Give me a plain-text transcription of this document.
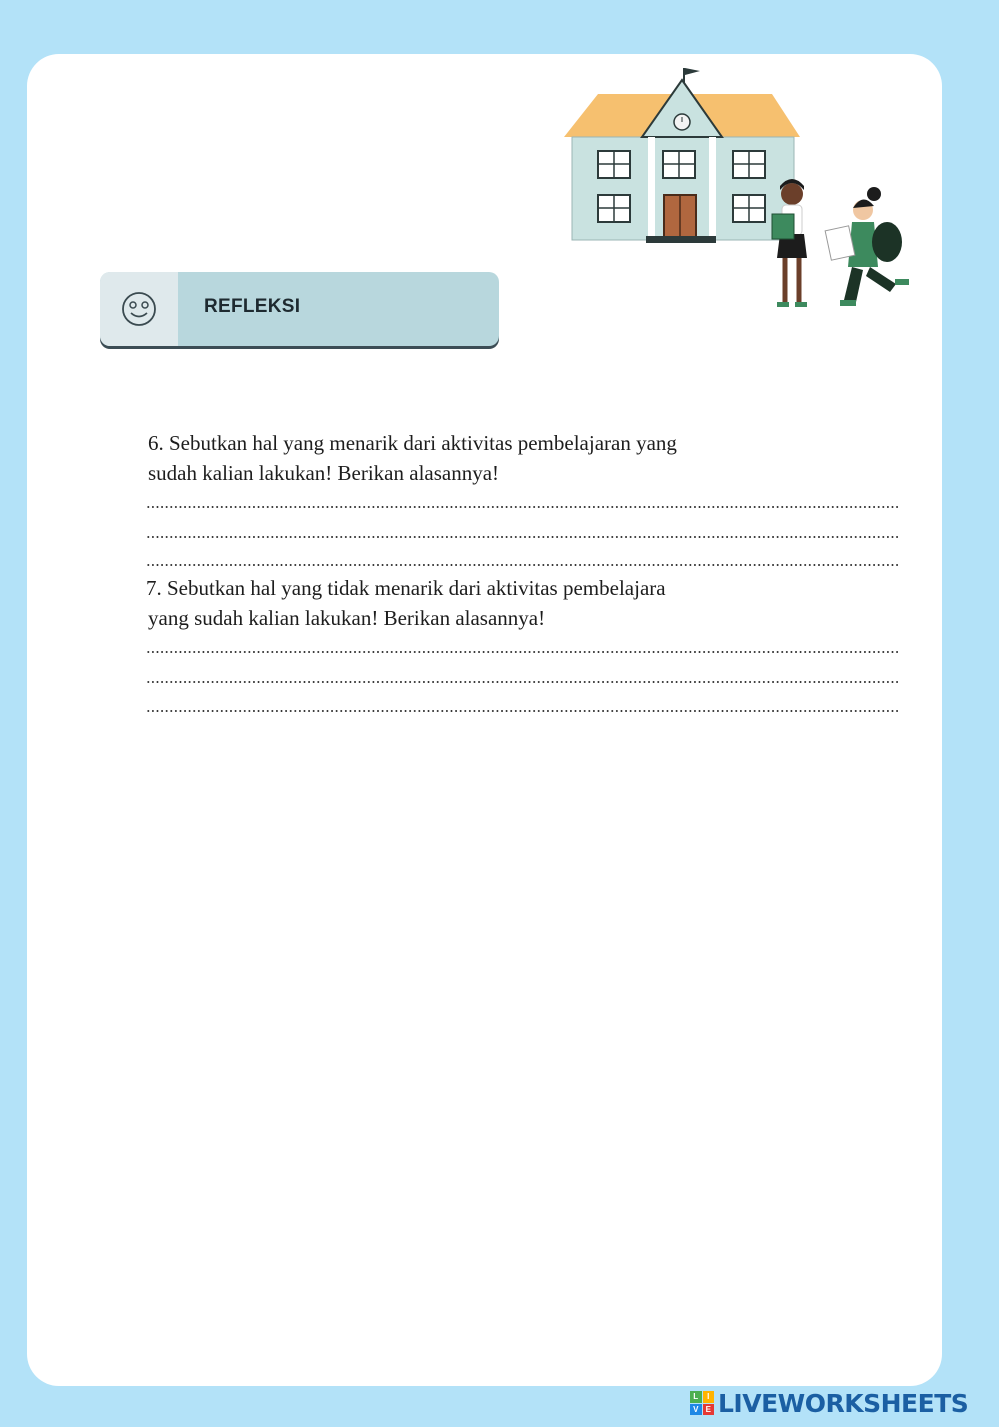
REFLEKSI
6. Sebutkan hal yang menarik dari aktivitas pembelajaran yang
sudah kalian lakukan! Berikan alasannya!
7. Sebutkan hal yang tidak menarik dari aktivitas pembelajara
yang sudah kalian lakukan! Berikan alasannya!
L	I
V E LIVEWORKSHEETS
